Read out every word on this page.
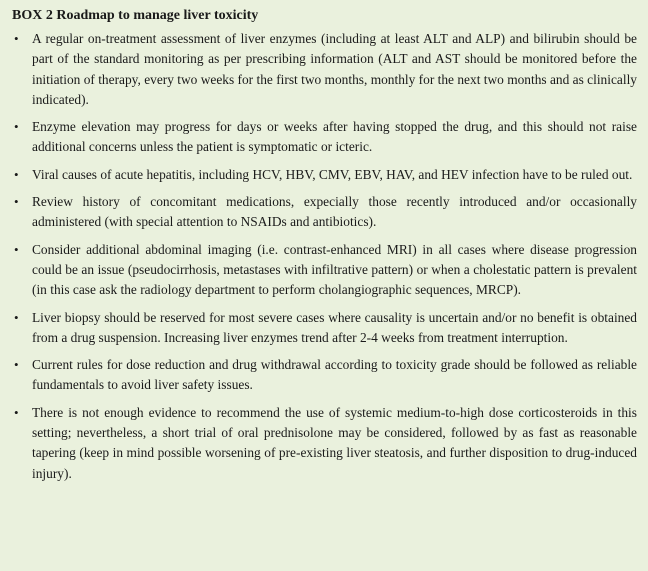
BOX 2 Roadmap to manage liver toxicity
• A regular on-treatment assessment of liver enzymes (including at least ALT and ALP) and bilirubin should be part of the standard monitoring as per prescribing information (ALT and AST should be monitored before the initiation of therapy, every two weeks for the first two months, monthly for the next two months and as clinically indicated).
• Enzyme elevation may progress for days or weeks after having stopped the drug, and this should not raise additional concerns unless the patient is symptomatic or icteric.
• Viral causes of acute hepatitis, including HCV, HBV, CMV, EBV, HAV, and HEV infection have to be ruled out.
• Review history of concomitant medications, expecially those recently introduced and/or occasionally administered (with special attention to NSAIDs and antibiotics).
• Consider additional abdominal imaging (i.e. contrast-enhanced MRI) in all cases where disease progression could be an issue (pseudocirrhosis, metastases with infiltrative pattern) or when a cholestatic pattern is prevalent (in this case ask the radiology department to perform cholangiographic sequences, MRCP).
• Liver biopsy should be reserved for most severe cases where causality is uncertain and/or no benefit is obtained from a drug suspension. Increasing liver enzymes trend after 2-4 weeks from treatment interruption.
• Current rules for dose reduction and drug withdrawal according to toxicity grade should be followed as reliable fundamentals to avoid liver safety issues.
• There is not enough evidence to recommend the use of systemic medium-to-high dose corticosteroids in this setting; nevertheless, a short trial of oral prednisolone may be considered, followed by as fast as reasonable tapering (keep in mind possible worsening of pre-existing liver steatosis, and further disposition to drug-induced injury).
